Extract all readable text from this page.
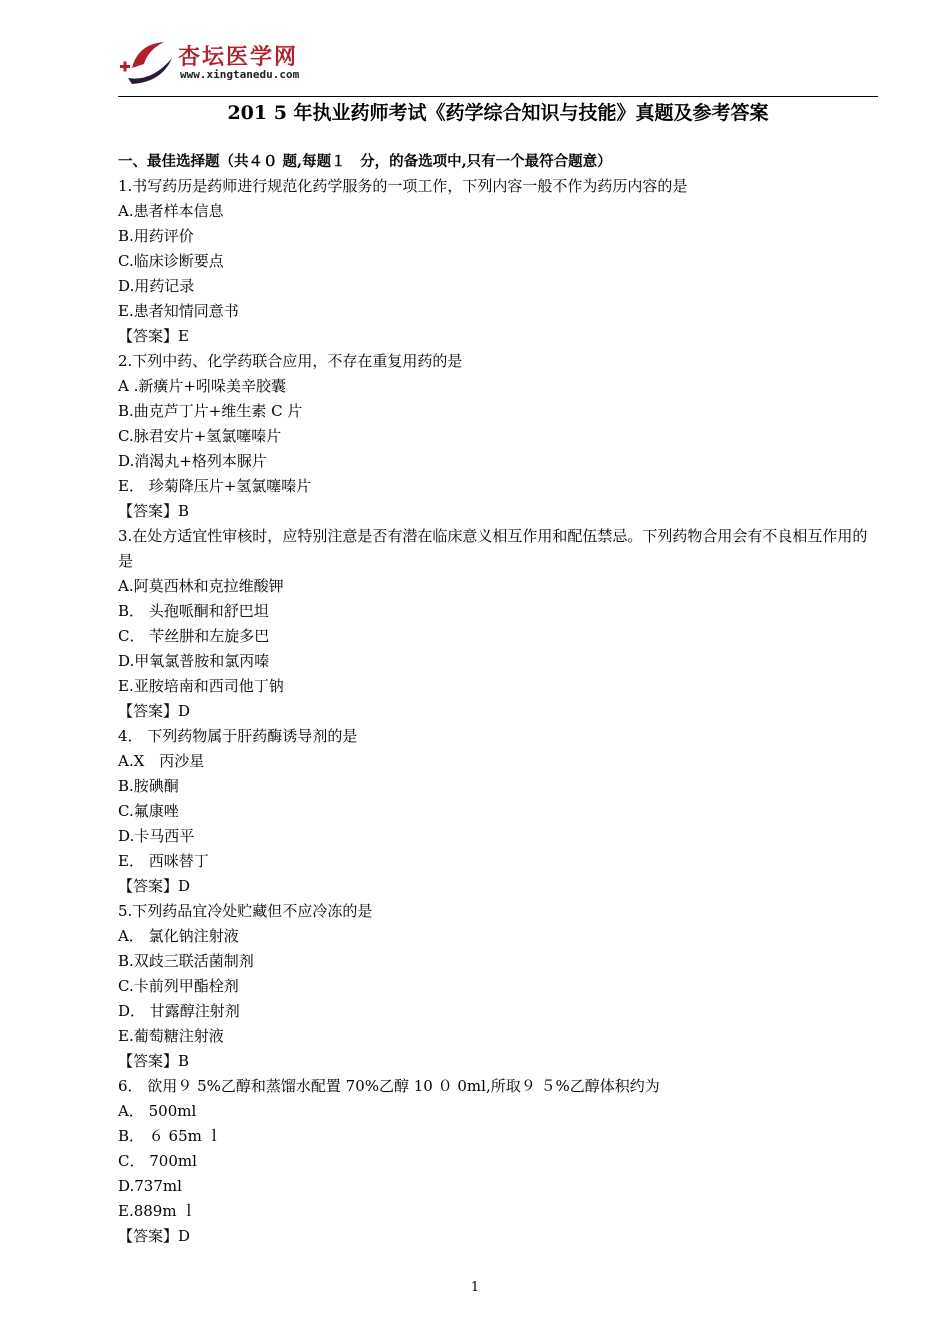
杏坛医学网
www.xingtanedu.com
201 5 年执业药师考试《药学综合知识与技能》真题及参考答案
一、最佳选择题（共４０ 题,每题１　分，的备选项中,只有一个最符合题意）
1.书写药历是药师进行规范化药学服务的一项工作，下列内容一般不作为药历内容的是
A.患者样本信息
B.用药评价
C.临床诊断要点
D.用药记录
E.患者知情同意书
【答案】E
2.下列中药、化学药联合应用，不存在重复用药的是
A .新癀片+吲哚美辛胶囊
B.曲克芦丁片+维生素 C 片
C.脉君安片+氢氯噻嗪片
D.消渴丸+格列本脲片
E． 珍菊降压片+氢氯噻嗪片
【答案】B
3.在处方适宜性审核时，应特别注意是否有潜在临床意义相互作用和配伍禁忌。下列药物合用会有不良相互作用的是
A.阿莫西林和克拉维酸钾
B． 头孢哌酮和舒巴坦
C． 苄丝肼和左旋多巴
D.甲氧氯普胺和氯丙嗪
E.亚胺培南和西司他丁钠
【答案】D
4． 下列药物属于肝药酶诱导剂的是
A.X　丙沙星
B.胺碘酮
C.氟康唑
D.卡马西平
E． 西咪替丁
【答案】D
5.下列药品宜冷处贮藏但不应冷冻的是
A． 氯化钠注射液
B.双歧三联活菌制剂
C.卡前列甲酯栓剂
D． 甘露醇注射剂
E.葡萄糖注射液
【答案】B
6． 欲用９ 5%乙醇和蒸馏水配置 70%乙醇 10 ０ 0ml,所取９ ５%乙醇体积约为
A． 500ml
B． ６ 65m ｌ
C． 700ml
D.737ml
E.889m ｌ
【答案】D
1
